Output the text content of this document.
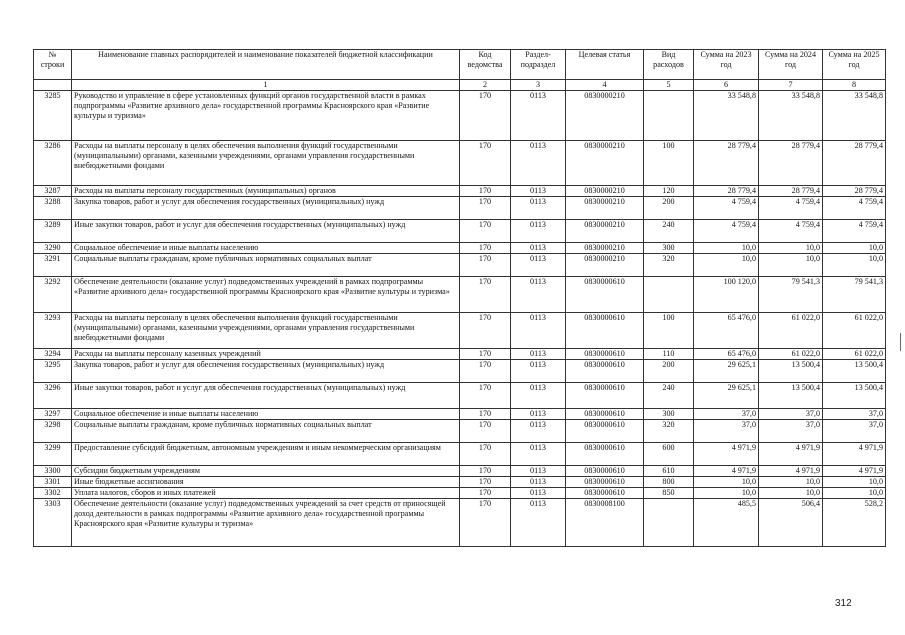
№ строки	Наименование главных распорядителей и наименование показателей бюджетной классификации	Код ведомства	Раздел-подраздел	Целевая статья	Вид расходов	Сумма на 2023 год	Сумма на 2024 год	Сумма на 2025 год
	1	2	3	4	5	6	7	8
3285	Руководство и управление в сфере установленных функций органов государственной власти в рамках подпрограммы «Развитие архивного дела» государственной программы Красноярского края «Развитие культуры и туризма»	170	0113	0830000210		33 548,8	33 548,8	33 548,8
3286	Расходы на выплаты персоналу в целях обеспечения выполнения функций государственными (муниципальными) органами, казенными учреждениями, органами управления государственными внебюджетными фондами	170	0113	0830000210	100	28 779,4	28 779,4	28 779,4
3287	Расходы на выплаты персоналу государственных (муниципальных) органов	170	0113	0830000210	120	28 779,4	28 779,4	28 779,4
3288	Закупка товаров, работ и услуг для обеспечения государственных (муниципальных) нужд	170	0113	0830000210	200	4 759,4	4 759,4	4 759,4
3289	Иные закупки товаров, работ и услуг для обеспечения государственных (муниципальных) нужд	170	0113	0830000210	240	4 759,4	4 759,4	4 759,4
3290	Социальное обеспечение и иные выплаты населению	170	0113	0830000210	300	10,0	10,0	10,0
3291	Социальные выплаты гражданам, кроме публичных нормативных социальных выплат	170	0113	0830000210	320	10,0	10,0	10,0
3292	Обеспечение деятельности (оказание услуг) подведомственных учреждений в рамках подпрограммы «Развитие архивного дела» государственной программы Красноярского края «Развитие культуры и туризма»	170	0113	0830000610		100 120,0	79 541,3	79 541,3
3293	Расходы на выплаты персоналу в целях обеспечения выполнения функций государственными (муниципальными) органами, казенными учреждениями, органами управления государственными внебюджетными фондами	170	0113	0830000610	100	65 476,0	61 022,0	61 022,0
3294	Расходы на выплаты персоналу казенных учреждений	170	0113	0830000610	110	65 476,0	61 022,0	61 022,0
3295	Закупка товаров, работ и услуг для обеспечения государственных (муниципальных) нужд	170	0113	0830000610	200	29 625,1	13 500,4	13 500,4
3296	Иные закупки товаров, работ и услуг для обеспечения государственных (муниципальных) нужд	170	0113	0830000610	240	29 625,1	13 500,4	13 500,4
3297	Социальное обеспечение и иные выплаты населению	170	0113	0830000610	300	37,0	37,0	37,0
3298	Социальные выплаты гражданам, кроме публичных нормативных социальных выплат	170	0113	0830000610	320	37,0	37,0	37,0
3299	Предоставление субсидий бюджетным, автономным учреждениям и иным некоммерческим организациям	170	0113	0830000610	600	4 971,9	4 971,9	4 971,9
3300	Субсидии бюджетным учреждениям	170	0113	0830000610	610	4 971,9	4 971,9	4 971,9
3301	Иные бюджетные ассигнования	170	0113	0830000610	800	10,0	10,0	10,0
3302	Уплата налогов, сборов и иных платежей	170	0113	0830000610	850	10,0	10,0	10,0
3303	Обеспечение деятельности (оказание услуг) подведомственных учреждений за счет средств от приносящей доход деятельности в рамках подпрограммы «Развитие архивного дела» государственной программы Красноярского края «Развитие культуры и туризма»	170	0113	0830008100		485,5	506,4	528,2
312
